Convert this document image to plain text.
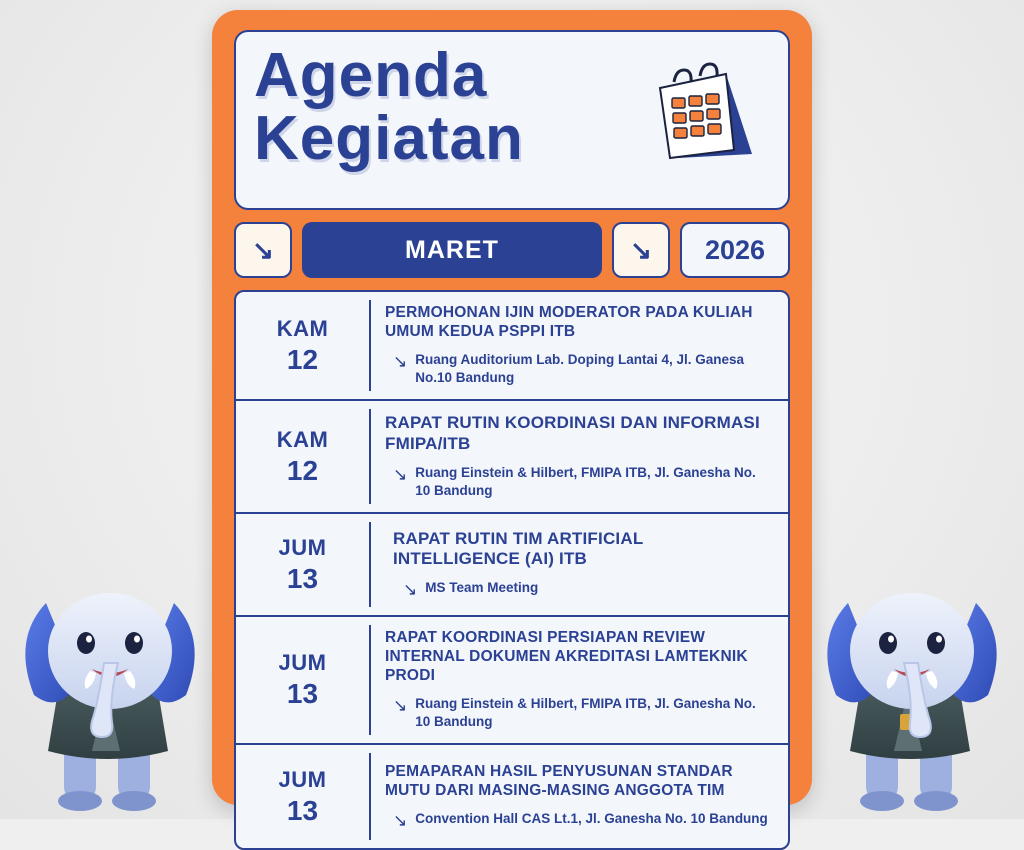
Agenda
Kegiatan
↘	MARET	↘	2026
KAM
12
PERMOHONAN IJIN MODERATOR PADA KULIAH UMUM KEDUA PSPPI ITB
↘ Ruang Auditorium Lab. Doping Lantai 4, Jl. Ganesa No.10 Bandung
KAM
12
RAPAT RUTIN KOORDINASI DAN INFORMASI FMIPA/ITB
↘ Ruang Einstein & Hilbert, FMIPA ITB, Jl. Ganesha No. 10 Bandung
JUM
13
RAPAT RUTIN TIM ARTIFICIAL INTELLIGENCE (AI) ITB
↘ MS Team Meeting
JUM
13
RAPAT KOORDINASI PERSIAPAN REVIEW INTERNAL DOKUMEN AKREDITASI LAMTEKNIK PRODI
↘ Ruang Einstein & Hilbert, FMIPA ITB, Jl. Ganesha No. 10 Bandung
JUM
13
PEMAPARAN HASIL PENYUSUNAN STANDAR MUTU DARI MASING-MASING ANGGOTA TIM
↘ Convention Hall CAS Lt.1, Jl. Ganesha No. 10 Bandung
